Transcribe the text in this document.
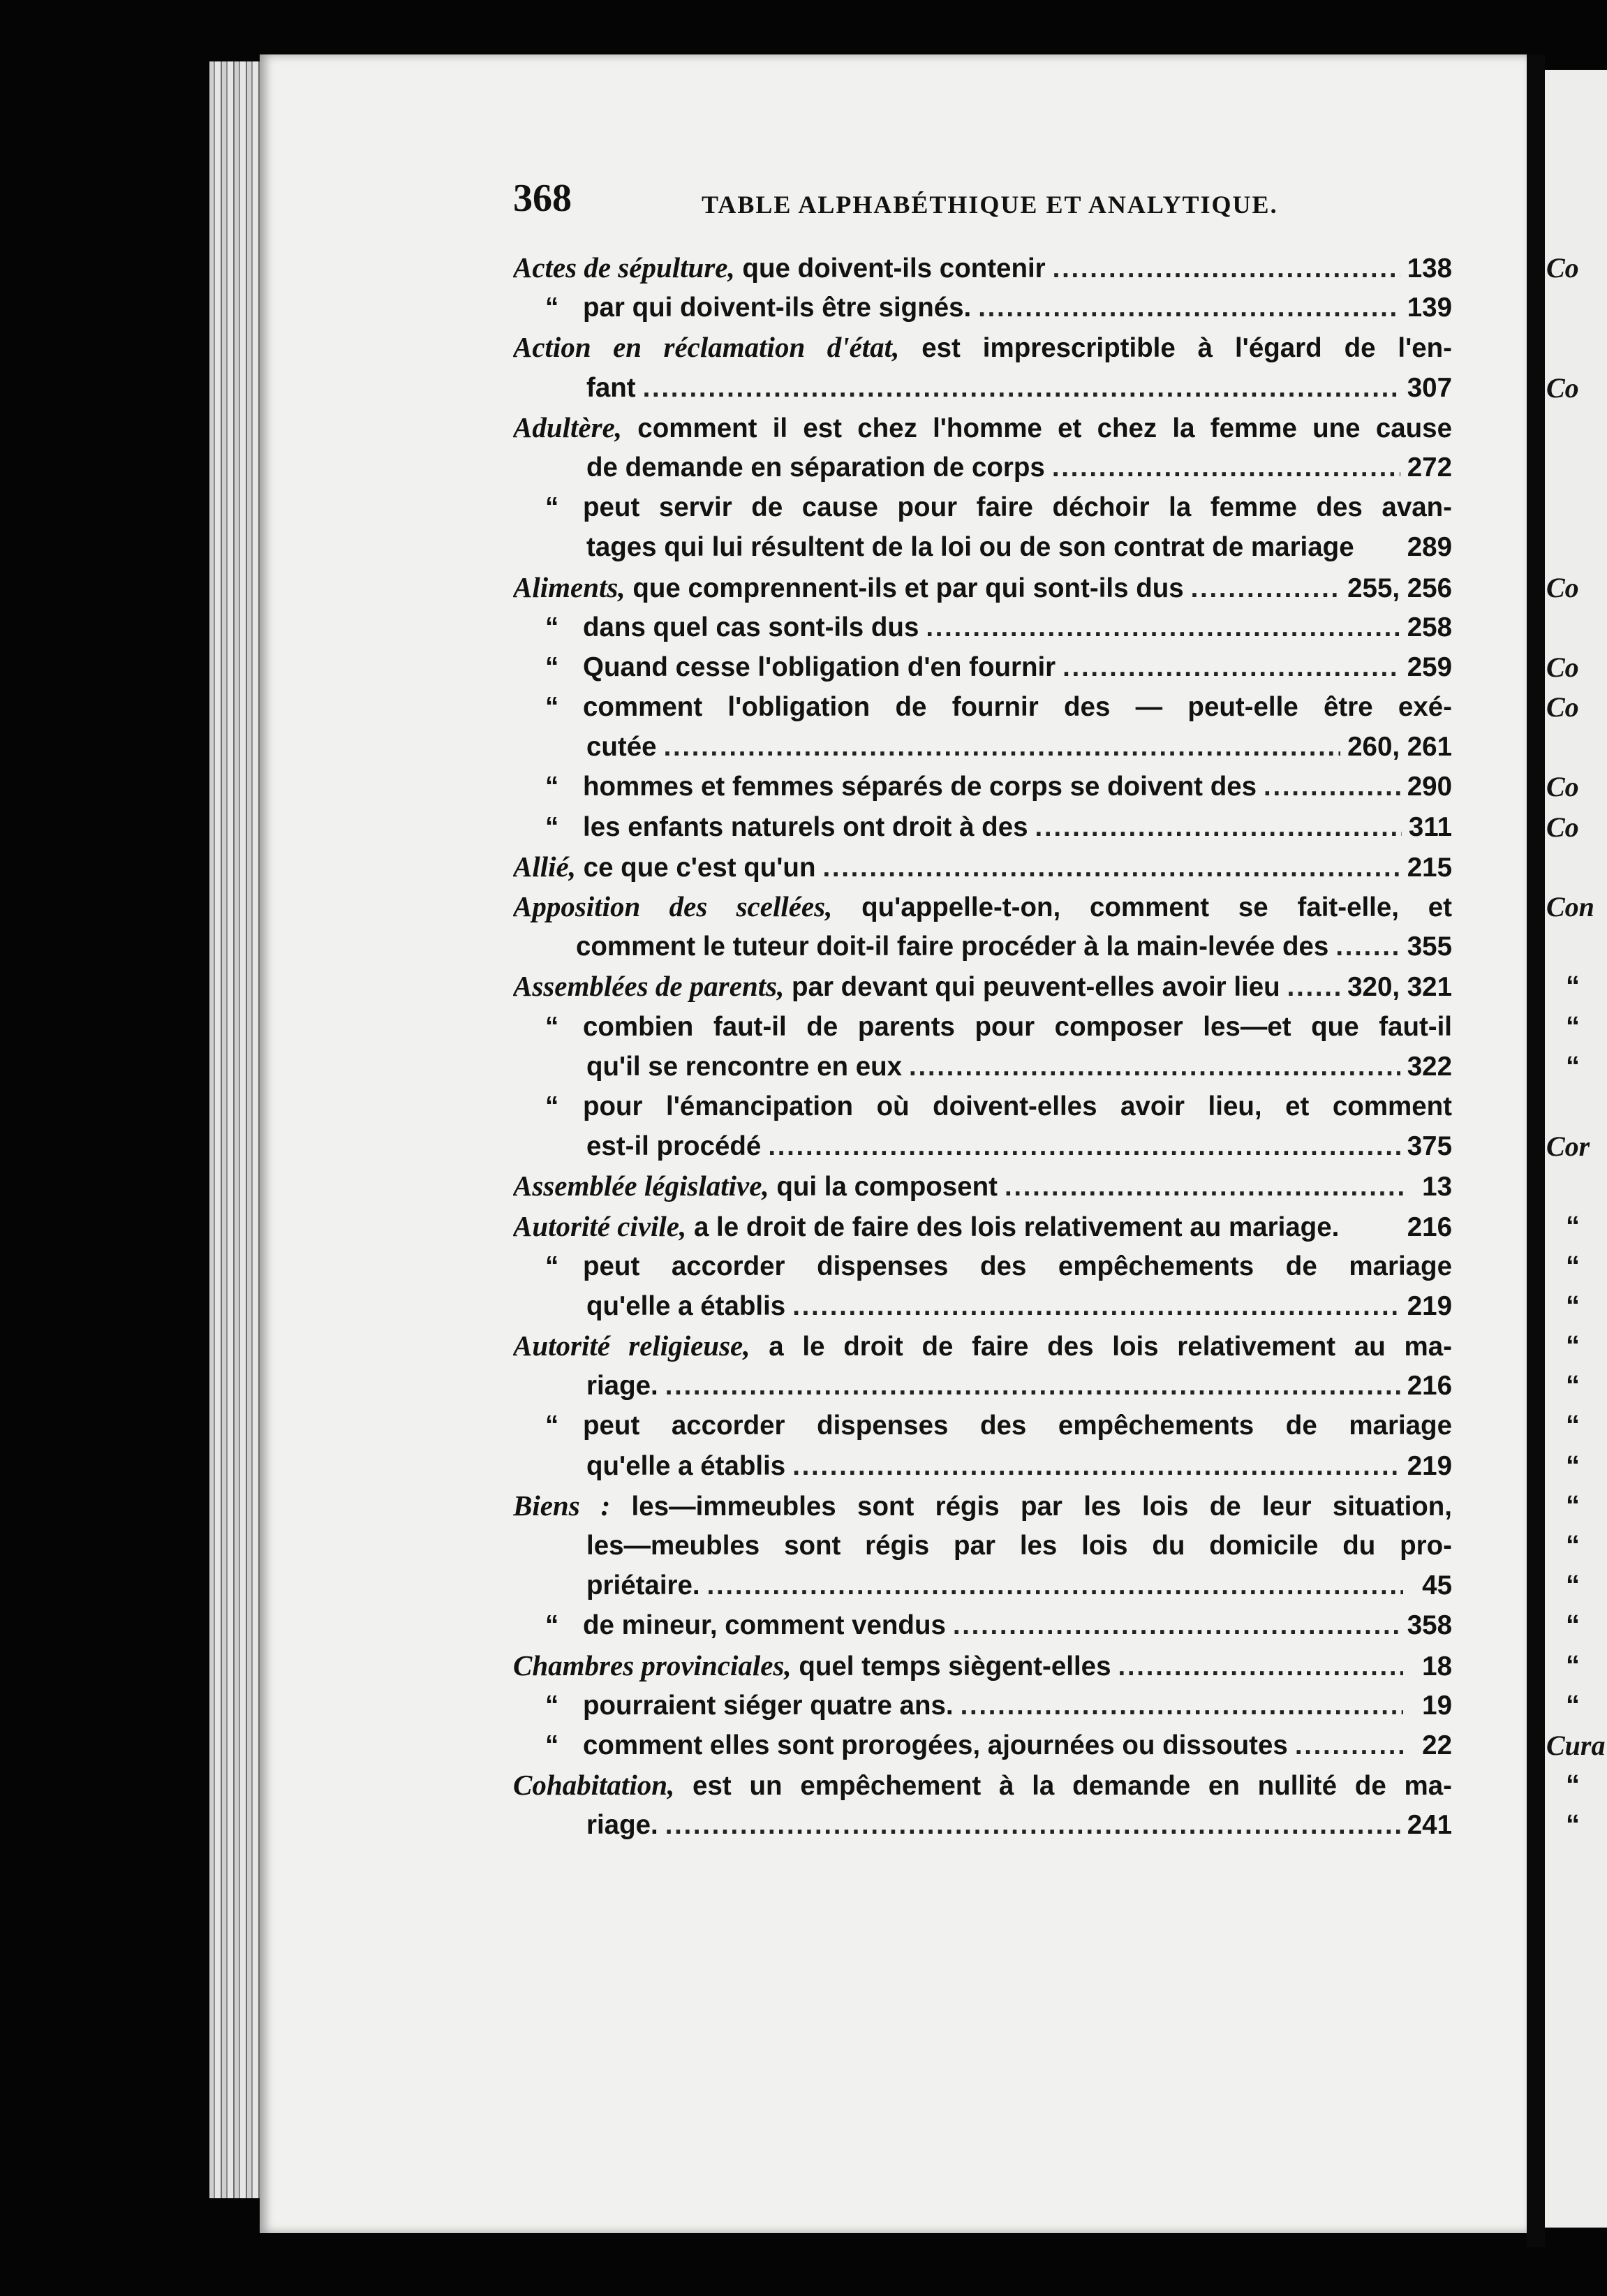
368	TABLE ALPHABÉTHIQUE ET ANALYTIQUE.
Actes de sépulture, que doivent-ils contenir . . .	138
“ par qui doivent-ils être signés. . . .	139
Action en réclamation d'état, est imprescriptible à l'égard de l'en-
fant . . .	307
Adultère, comment il est chez l'homme et chez la femme une cause
de demande en séparation de corps . . .	272
“ peut servir de cause pour faire déchoir la femme des avan-
tages qui lui résultent de la loi ou de son contrat de mariage 289
Aliments, que comprennent-ils et par qui sont-ils dus . . .	255, 256
“ dans quel cas sont-ils dus . . .	258
“ Quand cesse l'obligation d'en fournir . . .	259
“ comment l'obligation de fournir des — peut-elle être exé-
cutée . . .	260, 261
“ hommes et femmes séparés de corps se doivent des . . .	290
“ les enfants naturels ont droit à des . . .	311
Allié, ce que c'est qu'un . . .	215
Apposition des scellées, qu'appelle-t-on, comment se fait-elle, et
comment le tuteur doit-il faire procéder à la main-levée des . . .	355
Assemblées de parents, par devant qui peuvent-elles avoir lieu . . .	320, 321
“ combien faut-il de parents pour composer les—et que faut-il
qu'il se rencontre en eux . . .	322
“ pour l'émancipation où doivent-elles avoir lieu, et comment
est-il procédé . . .	375
Assemblée législative, qui la composent . . .	13
Autorité civile, a le droit de faire des lois relativement au mariage.	216
“ peut accorder dispenses des empêchements de mariage
qu'elle a établis . . .	219
Autorité religieuse, a le droit de faire des lois relativement au ma-
riage. . . .	216
“ peut accorder dispenses des empêchements de mariage
qu'elle a établis . . .	219
Biens : les—immeubles sont régis par les lois de leur situation,
les—meubles sont régis par les lois du domicile du pro-
priétaire. . . .	45
“ de mineur, comment vendus . . .	358
Chambres provinciales, quel temps siègent-elles . . .	18
“ pourraient siéger quatre ans. . . .	19
“ comment elles sont prorogées, ajournées ou dissoutes . . .	22
Cohabitation, est un empêchement à la demande en nullité de ma-
riage. . . .	241
Co
Co
Co
Co
Co
Co
Co
Con
“
“
“
Cor
“
“
“
“
“
“
“
“
“
“
“
“
“
Cura
“
“
